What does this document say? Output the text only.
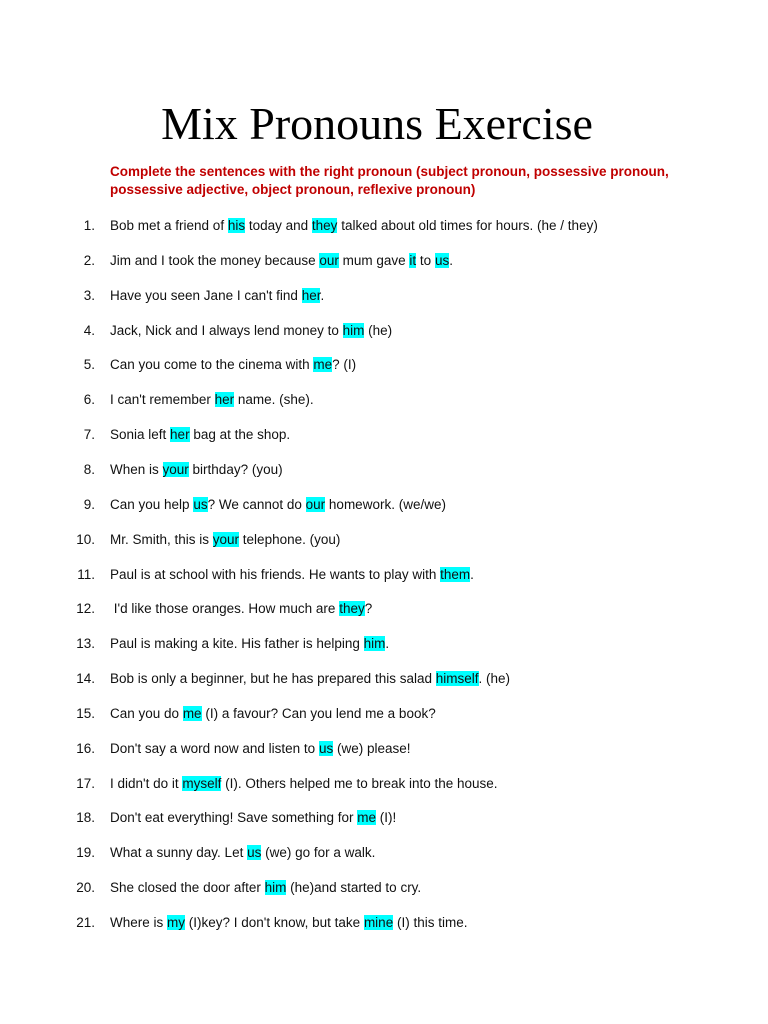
Mix Pronouns Exercise
Complete the sentences with the right pronoun (subject pronoun, possessive pronoun, possessive adjective, object pronoun, reflexive pronoun)
1. Bob met a friend of his today and they talked about old times for hours. (he / they)
2. Jim and I took the money because our mum gave it to us.
3. Have you seen Jane I can't find her.
4. Jack, Nick and I always lend money to him (he)
5. Can you come to the cinema with me? (I)
6. I can't remember her name. (she).
7. Sonia left her bag at the shop.
8. When is your birthday? (you)
9. Can you help us? We cannot do our homework. (we/we)
10. Mr. Smith, this is your telephone. (you)
11. Paul is at school with his friends. He wants to play with them.
12. I'd like those oranges. How much are they?
13. Paul is making a kite. His father is helping him.
14. Bob is only a beginner, but he has prepared this salad himself. (he)
15. Can you do me (I) a favour? Can you lend me a book?
16. Don't say a word now and listen to us (we) please!
17. I didn't do it myself (I). Others helped me to break into the house.
18. Don't eat everything! Save something for me (I)!
19. What a sunny day. Let us (we) go for a walk.
20. She closed the door after him (he)and started to cry.
21. Where is my (I)key? I don't know, but take mine (I) this time.
